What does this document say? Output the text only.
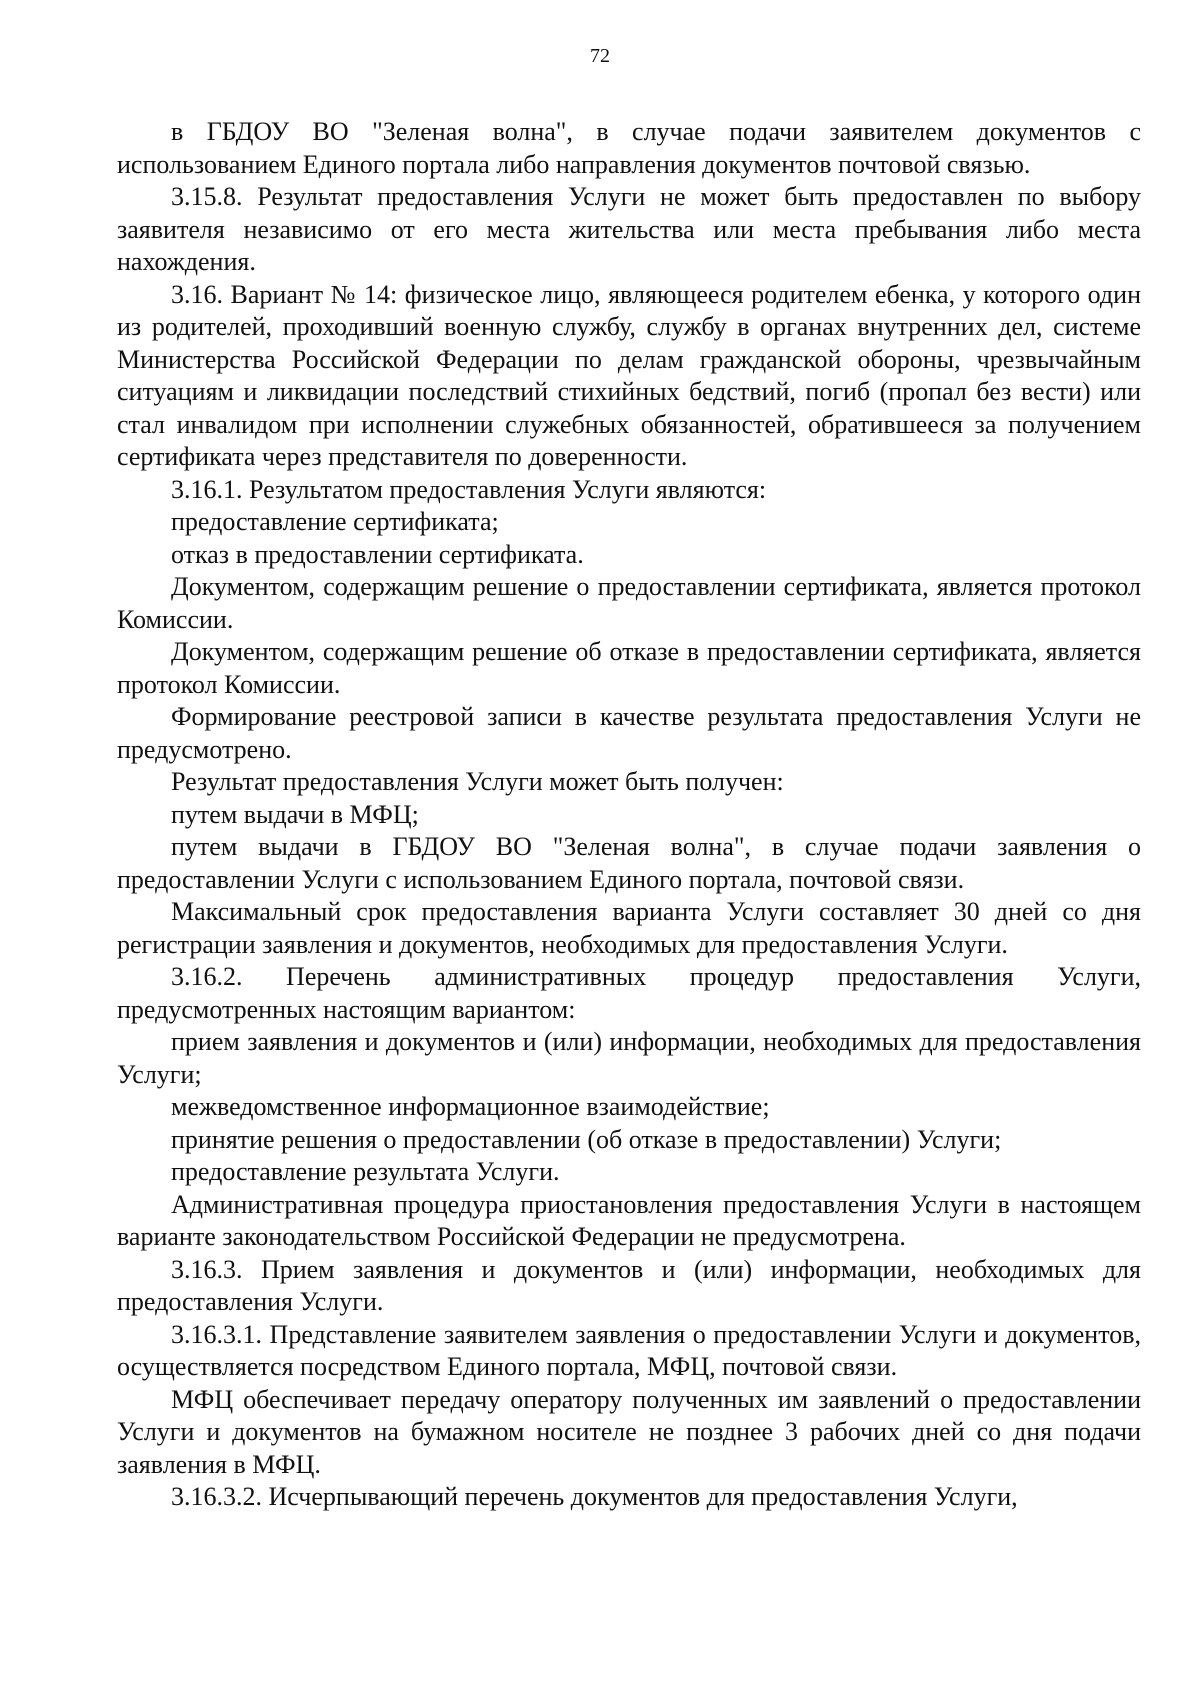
72

в ГБДОУ ВО "Зеленая волна", в случае подачи заявителем документов с использованием Единого портала либо направления документов почтовой связью.

3.15.8. Результат предоставления Услуги не может быть предоставлен по выбору заявителя независимо от его места жительства или места пребывания либо места нахождения.

3.16. Вариант № 14: физическое лицо, являющееся родителем ебенка, у которого один из родителей, проходивший военную службу, службу в органах внутренних дел, системе Министерства Российской Федерации по делам гражданской обороны, чрезвычайным ситуациям и ликвидации последствий стихийных бедствий, погиб (пропал без вести) или стал инвалидом при исполнении служебных обязанностей, обратившееся за получением сертификата через представителя по доверенности.

3.16.1. Результатом предоставления Услуги являются:

предоставление сертификата;

отказ в предоставлении сертификата.

Документом, содержащим решение о предоставлении сертификата, является протокол Комиссии.

Документом, содержащим решение об отказе в предоставлении сертификата, является протокол Комиссии.

Формирование реестровой записи в качестве результата предоставления Услуги не предусмотрено.

Результат предоставления Услуги может быть получен:

путем выдачи в МФЦ;

путем выдачи в ГБДОУ ВО "Зеленая волна", в случае подачи заявления о предоставлении Услуги с использованием Единого портала, почтовой связи.

Максимальный срок предоставления варианта Услуги составляет 30 дней со дня регистрации заявления и документов, необходимых для предоставления Услуги.

3.16.2. Перечень административных процедур предоставления Услуги, предусмотренных настоящим вариантом:

прием заявления и документов и (или) информации, необходимых для предоставления Услуги;

межведомственное информационное взаимодействие;

принятие решения о предоставлении (об отказе в предоставлении) Услуги;

предоставление результата Услуги.

Административная процедура приостановления предоставления Услуги в настоящем варианте законодательством Российской Федерации не предусмотрена.

3.16.3. Прием заявления и документов и (или) информации, необходимых для предоставления Услуги.

3.16.3.1. Представление заявителем заявления о предоставлении Услуги и документов, осуществляется посредством Единого портала, МФЦ, почтовой связи.

МФЦ обеспечивает передачу оператору полученных им заявлений о предоставлении Услуги и документов на бумажном носителе не позднее 3 рабочих дней со дня подачи заявления в МФЦ.

3.16.3.2. Исчерпывающий перечень документов для предоставления Услуги,
